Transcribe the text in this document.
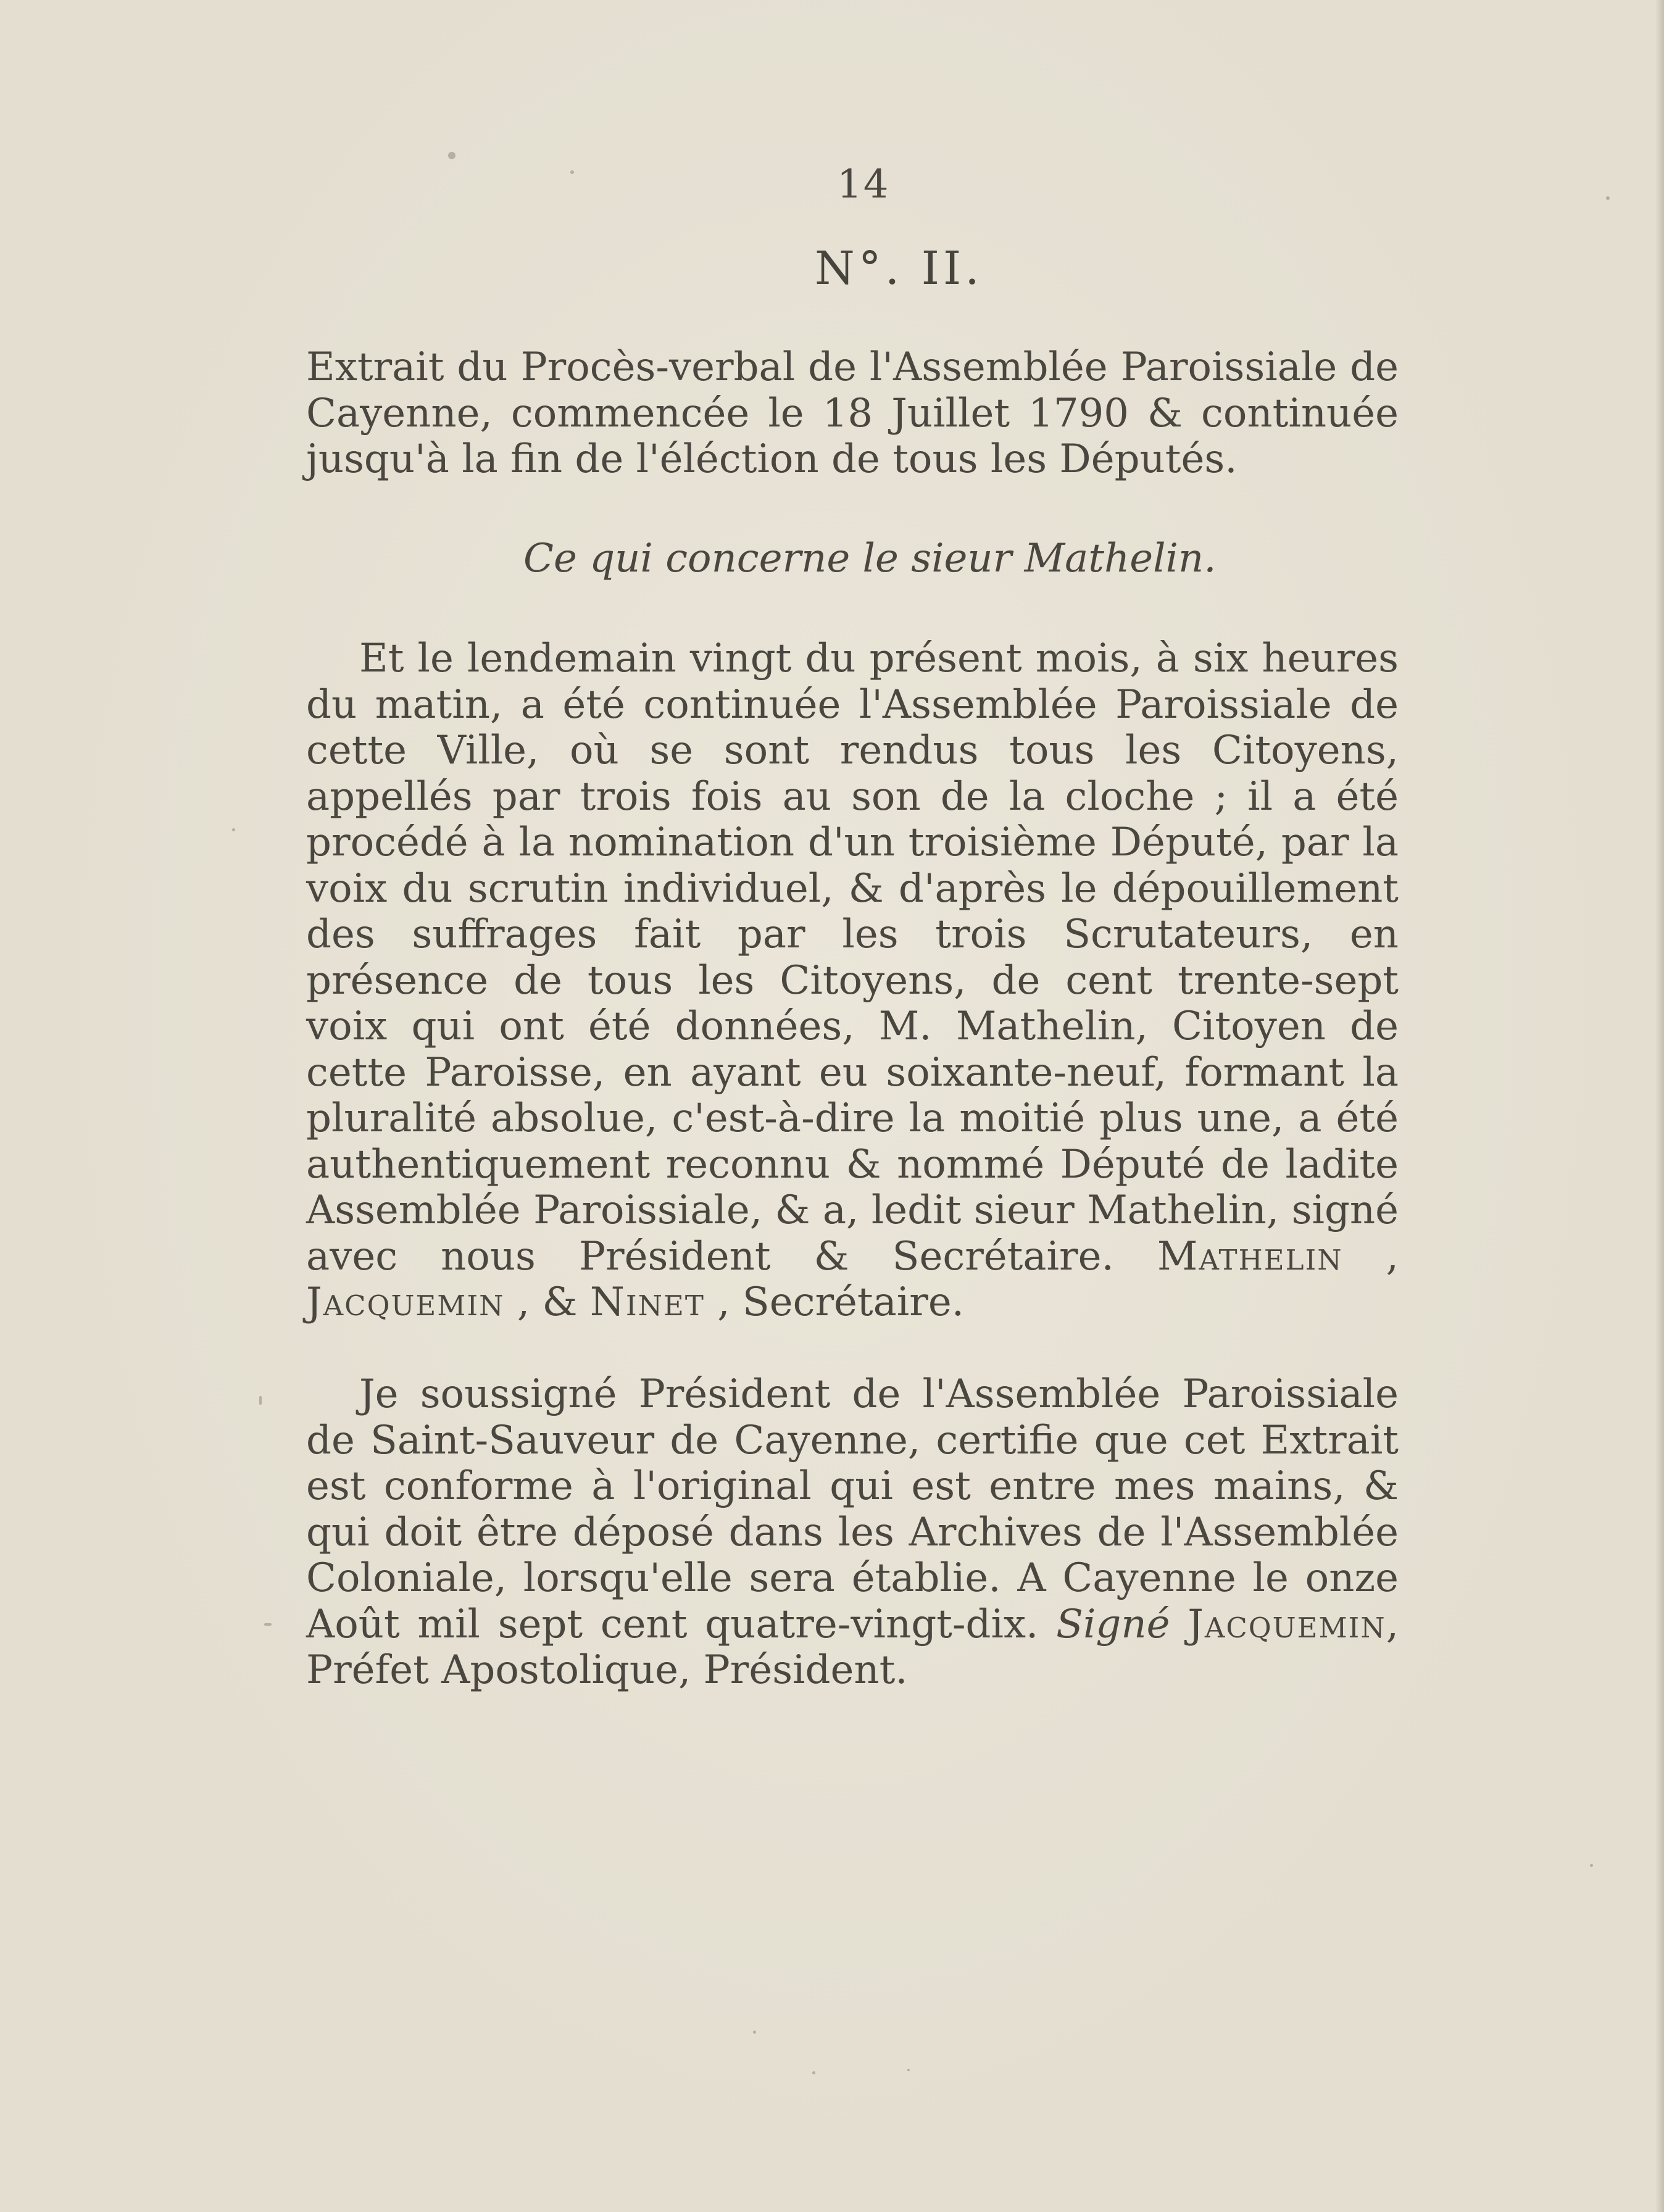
14
N°. II.
Extrait du Procès-verbal de l'Assemblée Paroissiale de Cayenne, commencée le 18 Juillet 1790 & continuée jusqu'à la fin de l'éléction de tous les Députés.
Ce qui concerne le sieur Mathelin.
Et le lendemain vingt du présent mois, à six heures du matin, a été continuée l'Assemblée Paroissiale de cette Ville, où se sont rendus tous les Citoyens, appellés par trois fois au son de la cloche ; il a été procédé à la nomination d'un troisième Député, par la voix du scrutin individuel, & d'après le dépouillement des suffrages fait par les trois Scrutateurs, en présence de tous les Citoyens, de cent trente-sept voix qui ont été données, M. Mathelin, Citoyen de cette Paroisse, en ayant eu soixante-neuf, formant la pluralité absolue, c'est-à-dire la moitié plus une, a été authentiquement reconnu & nommé Député de ladite Assemblée Paroissiale, & a, ledit sieur Mathelin, signé avec nous Président & Secrétaire. Mathelin , Jacquemin , & Ninet , Secrétaire.
Je soussigné Président de l'Assemblée Paroissiale de Saint-Sauveur de Cayenne, certifie que cet Extrait est conforme à l'original qui est entre mes mains, & qui doit être déposé dans les Archives de l'Assemblée Coloniale, lorsqu'elle sera établie. A Cayenne le onze Août mil sept cent quatre-vingt-dix. Signé Jacquemin, Préfet Apostolique, Président.
